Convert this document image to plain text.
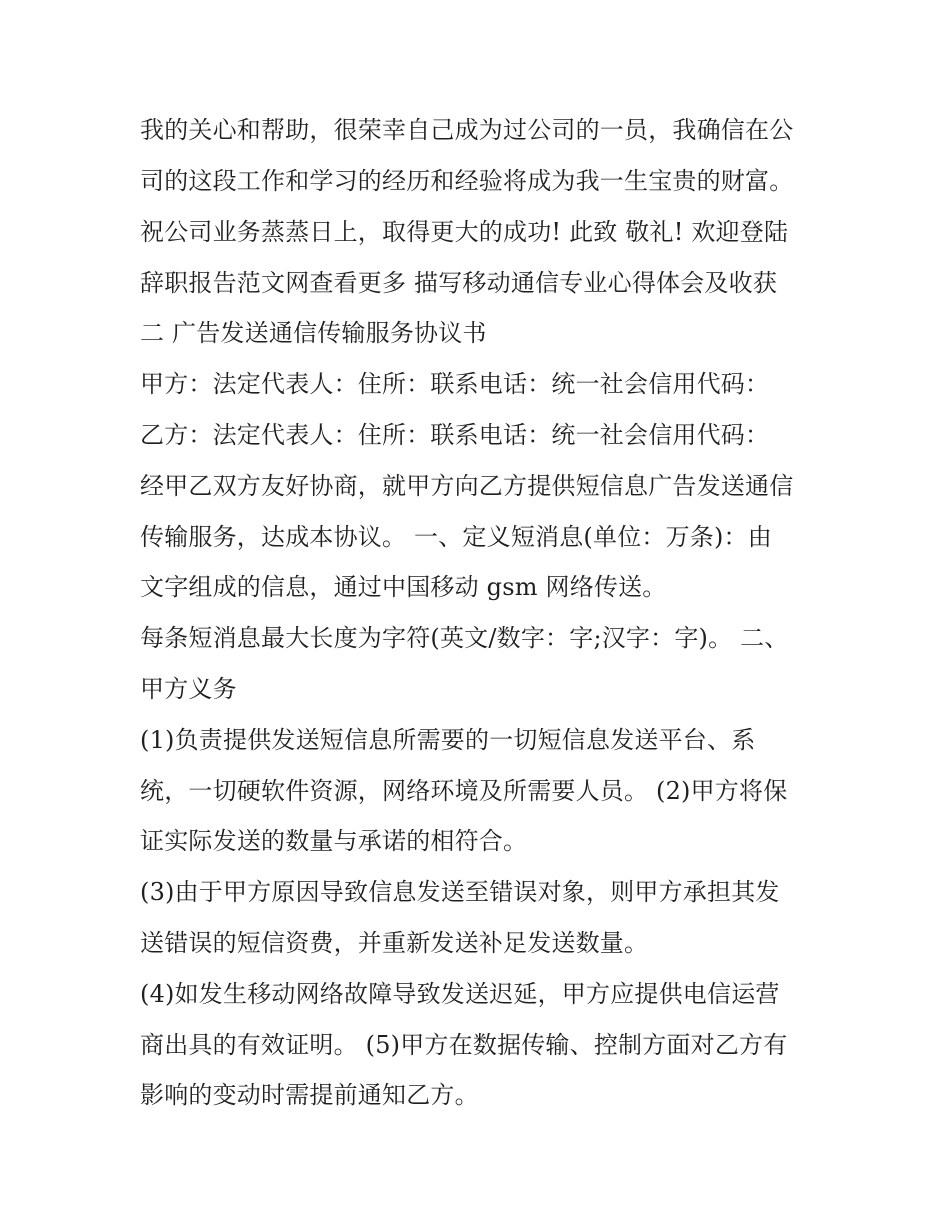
我的关心和帮助，很荣幸自己成为过公司的一员，我确信在公
司的这段工作和学习的经历和经验将成为我一生宝贵的财富。
祝公司业务蒸蒸日上，取得更大的成功! 此致 敬礼! 欢迎登陆
辞职报告范文网查看更多 描写移动通信专业心得体会及收获
二 广告发送通信传输服务协议书
甲方：法定代表人：住所：联系电话：统一社会信用代码：
乙方：法定代表人：住所：联系电话：统一社会信用代码：
经甲乙双方友好协商，就甲方向乙方提供短信息广告发送通信
传输服务，达成本协议。 一、定义短消息(单位：万条)：由
文字组成的信息，通过中国移动 gsm 网络传送。
每条短消息最大长度为字符(英文/数字：字;汉字：字)。 二、
甲方义务
(1)负责提供发送短信息所需要的一切短信息发送平台、系
统，一切硬软件资源，网络环境及所需要人员。 (2)甲方将保
证实际发送的数量与承诺的相符合。
(3)由于甲方原因导致信息发送至错误对象，则甲方承担其发
送错误的短信资费，并重新发送补足发送数量。
(4)如发生移动网络故障导致发送迟延，甲方应提供电信运营
商出具的有效证明。 (5)甲方在数据传输、控制方面对乙方有
影响的变动时需提前通知乙方。
